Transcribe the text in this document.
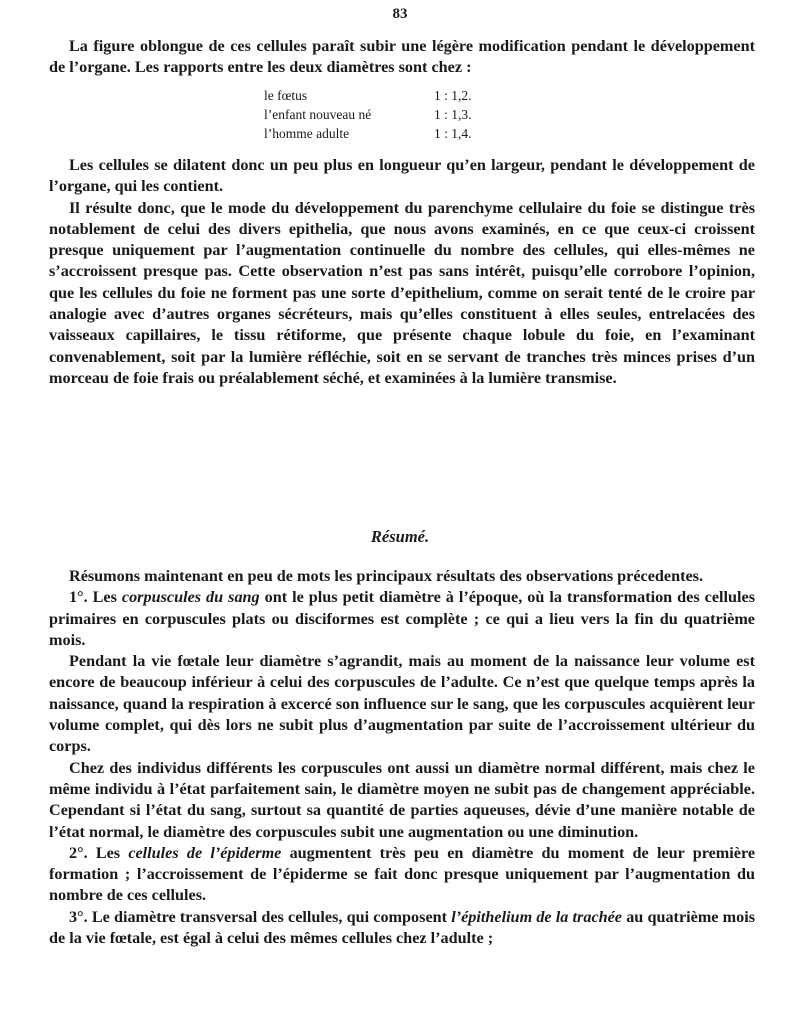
83

La figure oblongue de ces cellules paraît subir une légère modification pendant le développement de l’organe. Les rapports entre les deux diamètres sont chez :

le fœtus	1 : 1,2.
l’enfant nouveau né	1 : 1,3.
l’homme adulte	1 : 1,4.

Les cellules se dilatent donc un peu plus en longueur qu’en largeur, pendant le développement de l’organe, qui les contient.

Il résulte donc, que le mode du développement du parenchyme cellulaire du foie se distingue très notablement de celui des divers epithelia, que nous avons examinés, en ce que ceux-ci croissent presque uniquement par l’augmentation continuelle du nombre des cellules, qui elles-mêmes ne s’accroissent presque pas. Cette observation n’est pas sans intérêt, puisqu’elle corrobore l’opinion, que les cellules du foie ne forment pas une sorte d’epithelium, comme on serait tenté de le croire par analogie avec d’autres organes sécréteurs, mais qu’elles constituent à elles seules, entrelacées des vaisseaux capillaires, le tissu rétiforme, que présente chaque lobule du foie, en l’examinant convenablement, soit par la lumière réfléchie, soit en se servant de tranches très minces prises d’un morceau de foie frais ou préalablement séché, et examinées à la lumière transmise.

Résumé.

Résumons maintenant en peu de mots les principaux résultats des observations précedentes.

1°. Les corpuscules du sang ont le plus petit diamètre à l’époque, où la transformation des cellules primaires en corpuscules plats ou disciformes est complète ; ce qui a lieu vers la fin du quatrième mois.

Pendant la vie fœtale leur diamètre s’agrandit, mais au moment de la naissance leur volume est encore de beaucoup inférieur à celui des corpuscules de l’adulte. Ce n’est que quelque temps après la naissance, quand la respiration à excercé son influence sur le sang, que les corpuscules acquièrent leur volume complet, qui dès lors ne subit plus d’augmentation par suite de l’accroissement ultérieur du corps.

Chez des individus différents les corpuscules ont aussi un diamètre normal différent, mais chez le même individu à l’état parfaitement sain, le diamètre moyen ne subit pas de changement appréciable. Cependant si l’état du sang, surtout sa quantité de parties aqueuses, dévie d’une manière notable de l’état normal, le diamètre des corpuscules subit une augmentation ou une diminution.

2°. Les cellules de l’épiderme augmentent très peu en diamètre du moment de leur première formation ; l’accroissement de l’épiderme se fait donc presque uniquement par l’augmentation du nombre de ces cellules.

3°. Le diamètre transversal des cellules, qui composent l’épithelium de la trachée au quatrième mois de la vie fœtale, est égal à celui des mêmes cellules chez l’adulte ;
